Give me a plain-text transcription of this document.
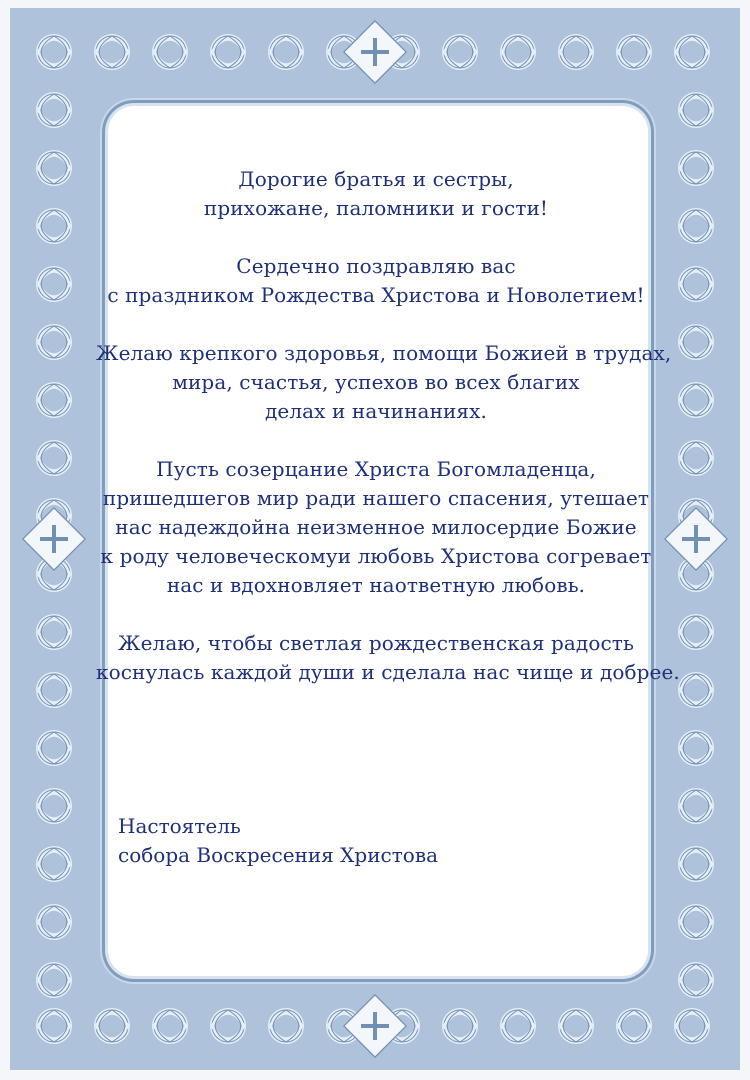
Дорогие братья и сестры,
прихожане, паломники и гости!

Сердечно поздравляю вас
с праздником Рождества Христова и Новолетием!

Желаю крепкого здоровья, помощи Божией в трудах,
мира, счастья, успехов во всех благих
делах и начинаниях.

Пусть созерцание Христа Богомладенца,
пришедшегов мир ради нашего спасения, утешает
нас надеждойна неизменное милосердие Божие
к роду человеческомуи любовь Христова согревает
нас и вдохновляет наответную любовь.

Желаю, чтобы светлая рождественская радость
коснулась каждой души и сделала нас чище и добрее.

Настоятель
собора Воскресения Христова
